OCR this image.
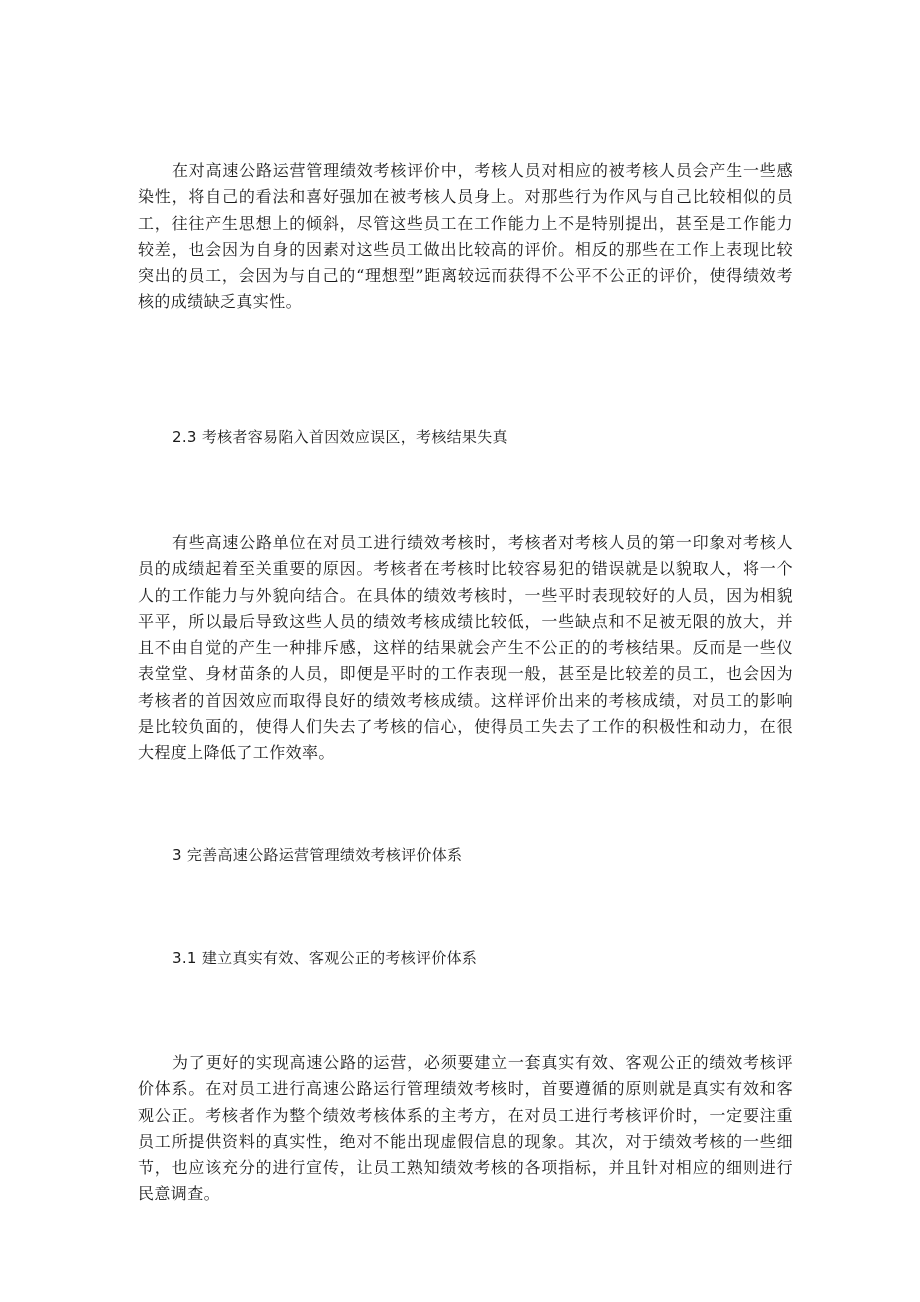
在对高速公路运营管理绩效考核评价中，考核人员对相应的被考核人员会产生一些感染性，将自己的看法和喜好强加在被考核人员身上。对那些行为作风与自己比较相似的员工，往往产生思想上的倾斜，尽管这些员工在工作能力上不是特别提出，甚至是工作能力较差，也会因为自身的因素对这些员工做出比较高的评价。相反的那些在工作上表现比较突出的员工，会因为与自己的“理想型”距离较远而获得不公平不公正的评价，使得绩效考核的成绩缺乏真实性。

2.3 考核者容易陷入首因效应误区，考核结果失真

有些高速公路单位在对员工进行绩效考核时，考核者对考核人员的第一印象对考核人员的成绩起着至关重要的原因。考核者在考核时比较容易犯的错误就是以貌取人，将一个人的工作能力与外貌向结合。在具体的绩效考核时，一些平时表现较好的人员，因为相貌平平，所以最后导致这些人员的绩效考核成绩比较低，一些缺点和不足被无限的放大，并且不由自觉的产生一种排斥感，这样的结果就会产生不公正的的考核结果。反而是一些仪表堂堂、身材苗条的人员，即便是平时的工作表现一般，甚至是比较差的员工，也会因为考核者的首因效应而取得良好的绩效考核成绩。这样评价出来的考核成绩，对员工的影响是比较负面的，使得人们失去了考核的信心，使得员工失去了工作的积极性和动力，在很大程度上降低了工作效率。

3 完善高速公路运营管理绩效考核评价体系
3.1 建立真实有效、客观公正的考核评价体系

为了更好的实现高速公路的运营，必须要建立一套真实有效、客观公正的绩效考核评价体系。在对员工进行高速公路运行管理绩效考核时，首要遵循的原则就是真实有效和客观公正。考核者作为整个绩效考核体系的主考方，在对员工进行考核评价时，一定要注重员工所提供资料的真实性，绝对不能出现虚假信息的现象。其次，对于绩效考核的一些细节，也应该充分的进行宣传，让员工熟知绩效考核的各项指标，并且针对相应的细则进行民意调查。
